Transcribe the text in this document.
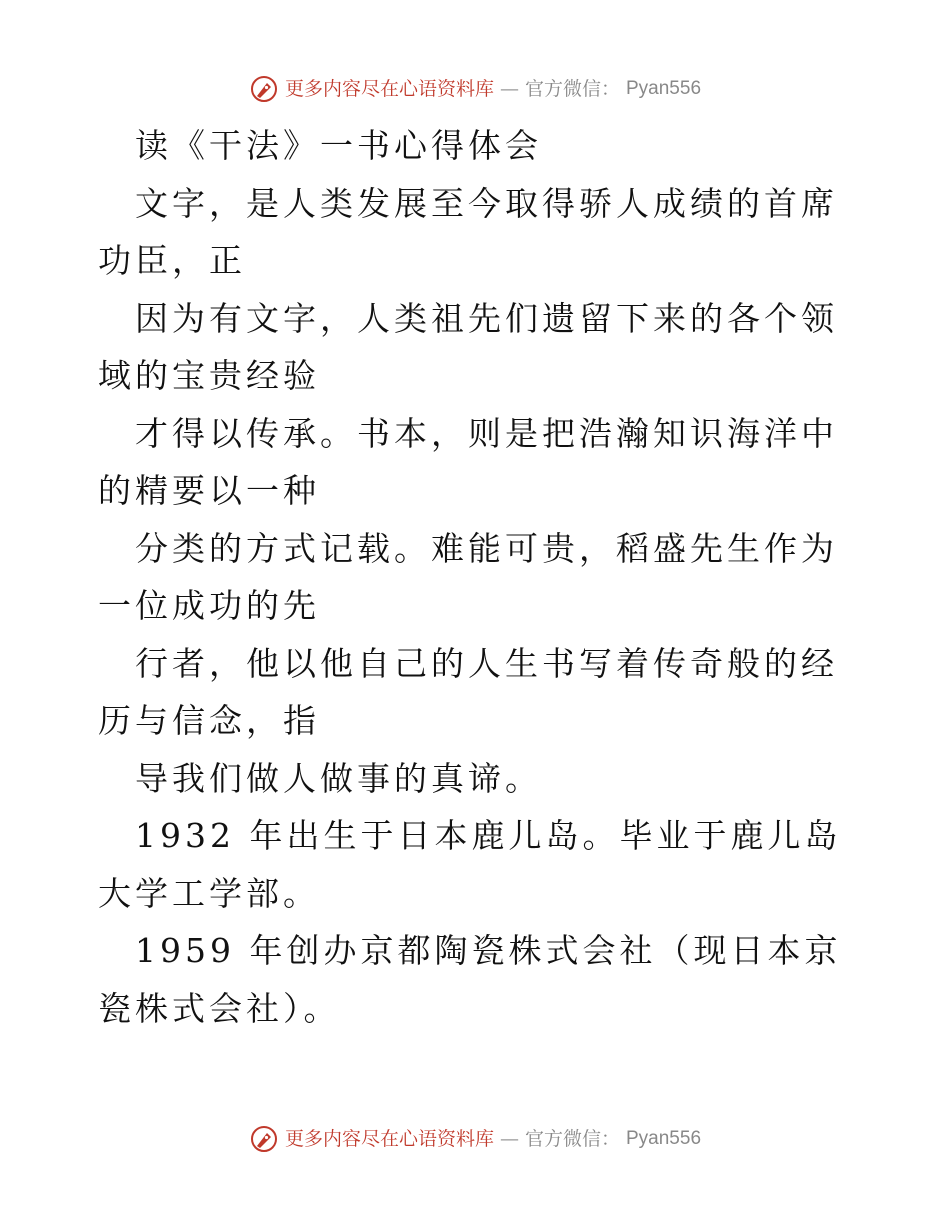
更多内容尽在心语资料库 — 官方微信： Pyan556

读《干法》一书心得体会

文字，是人类发展至今取得骄人成绩的首席功臣，正

因为有文字，人类祖先们遗留下来的各个领域的宝贵经验

才得以传承。书本，则是把浩瀚知识海洋中的精要以一种

分类的方式记载。难能可贵，稻盛先生作为一位成功的先

行者，他以他自己的人生书写着传奇般的经历与信念，指

导我们做人做事的真谛。

1932 年出生于日本鹿儿岛。毕业于鹿儿岛大学工学部。

1959 年创办京都陶瓷株式会社（现日本京瓷株式会社）。

更多内容尽在心语资料库 — 官方微信： Pyan556
